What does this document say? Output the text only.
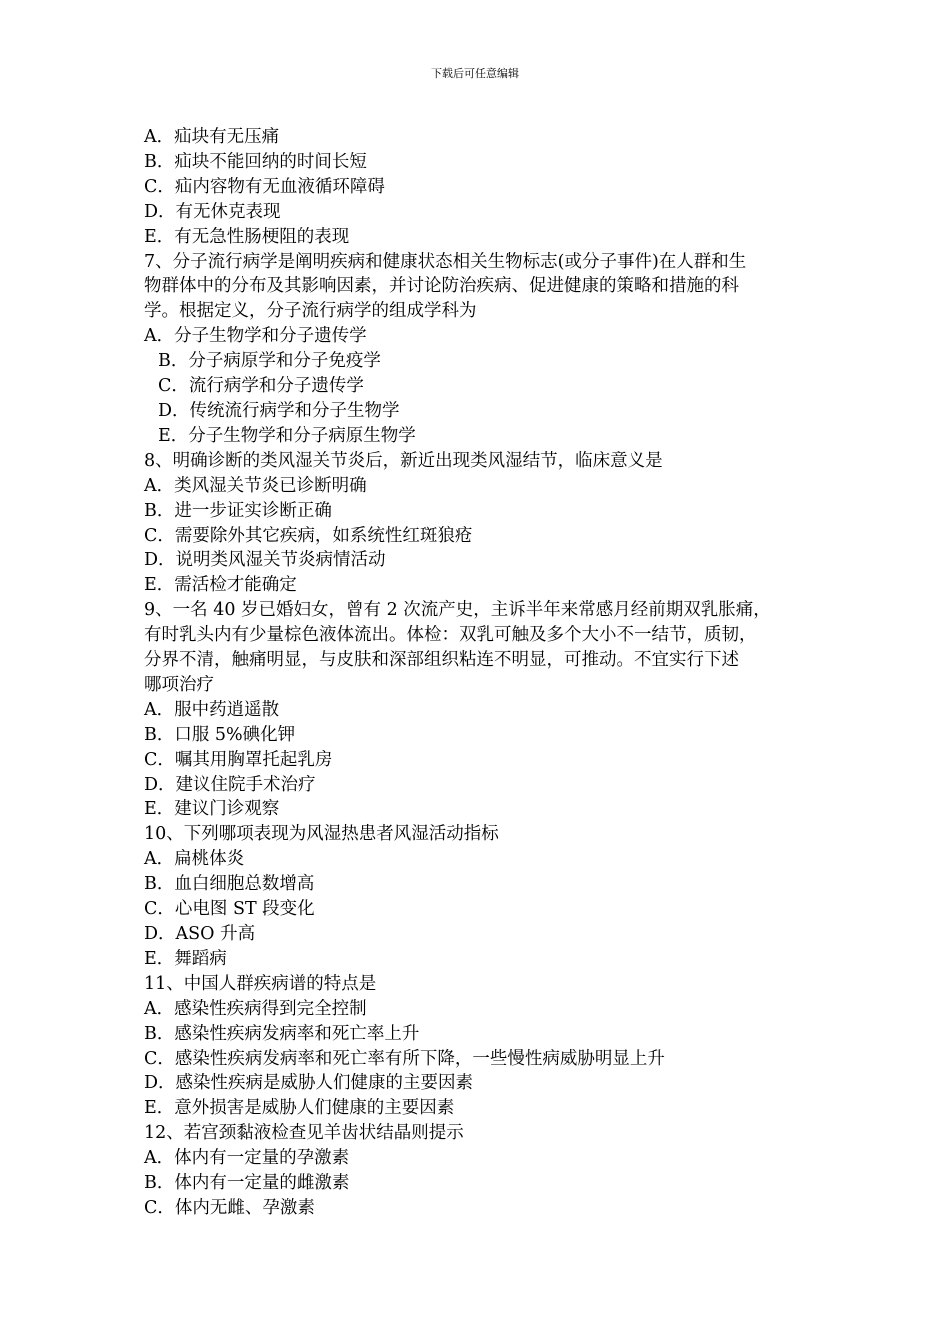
下载后可任意编辑
A．疝块有无压痛
B．疝块不能回纳的时间长短
C．疝内容物有无血液循环障碍
D．有无休克表现
E．有无急性肠梗阻的表现
7、分子流行病学是阐明疾病和健康状态相关生物标志(或分子事件)在人群和生
物群体中的分布及其影响因素，并讨论防治疾病、促进健康的策略和措施的科
学。根据定义，分子流行病学的组成学科为
A．分子生物学和分子遗传学
B．分子病原学和分子免疫学
C．流行病学和分子遗传学
D．传统流行病学和分子生物学
E．分子生物学和分子病原生物学
8、明确诊断的类风湿关节炎后，新近出现类风湿结节，临床意义是
A．类风湿关节炎已诊断明确
B．进一步证实诊断正确
C．需要除外其它疾病，如系统性红斑狼疮
D．说明类风湿关节炎病情活动
E．需活检才能确定
9、一名 40 岁已婚妇女，曾有 2 次流产史，主诉半年来常感月经前期双乳胀痛，
有时乳头内有少量棕色液体流出。体检：双乳可触及多个大小不一结节，质韧，
分界不清，触痛明显，与皮肤和深部组织粘连不明显，可推动。不宜实行下述
哪项治疗
A．服中药逍遥散
B．口服 5%碘化钾
C．嘱其用胸罩托起乳房
D．建议住院手术治疗
E．建议门诊观察
10、下列哪项表现为风湿热患者风湿活动指标
A．扁桃体炎
B．血白细胞总数增高
C．心电图 ST 段变化
D．ASO 升高
E．舞蹈病
11、中国人群疾病谱的特点是
A．感染性疾病得到完全控制
B．感染性疾病发病率和死亡率上升
C．感染性疾病发病率和死亡率有所下降，一些慢性病威胁明显上升
D．感染性疾病是威胁人们健康的主要因素
E．意外损害是威胁人们健康的主要因素
12、若宫颈黏液检查见羊齿状结晶则提示
A．体内有一定量的孕激素
B．体内有一定量的雌激素
C．体内无雌、孕激素
